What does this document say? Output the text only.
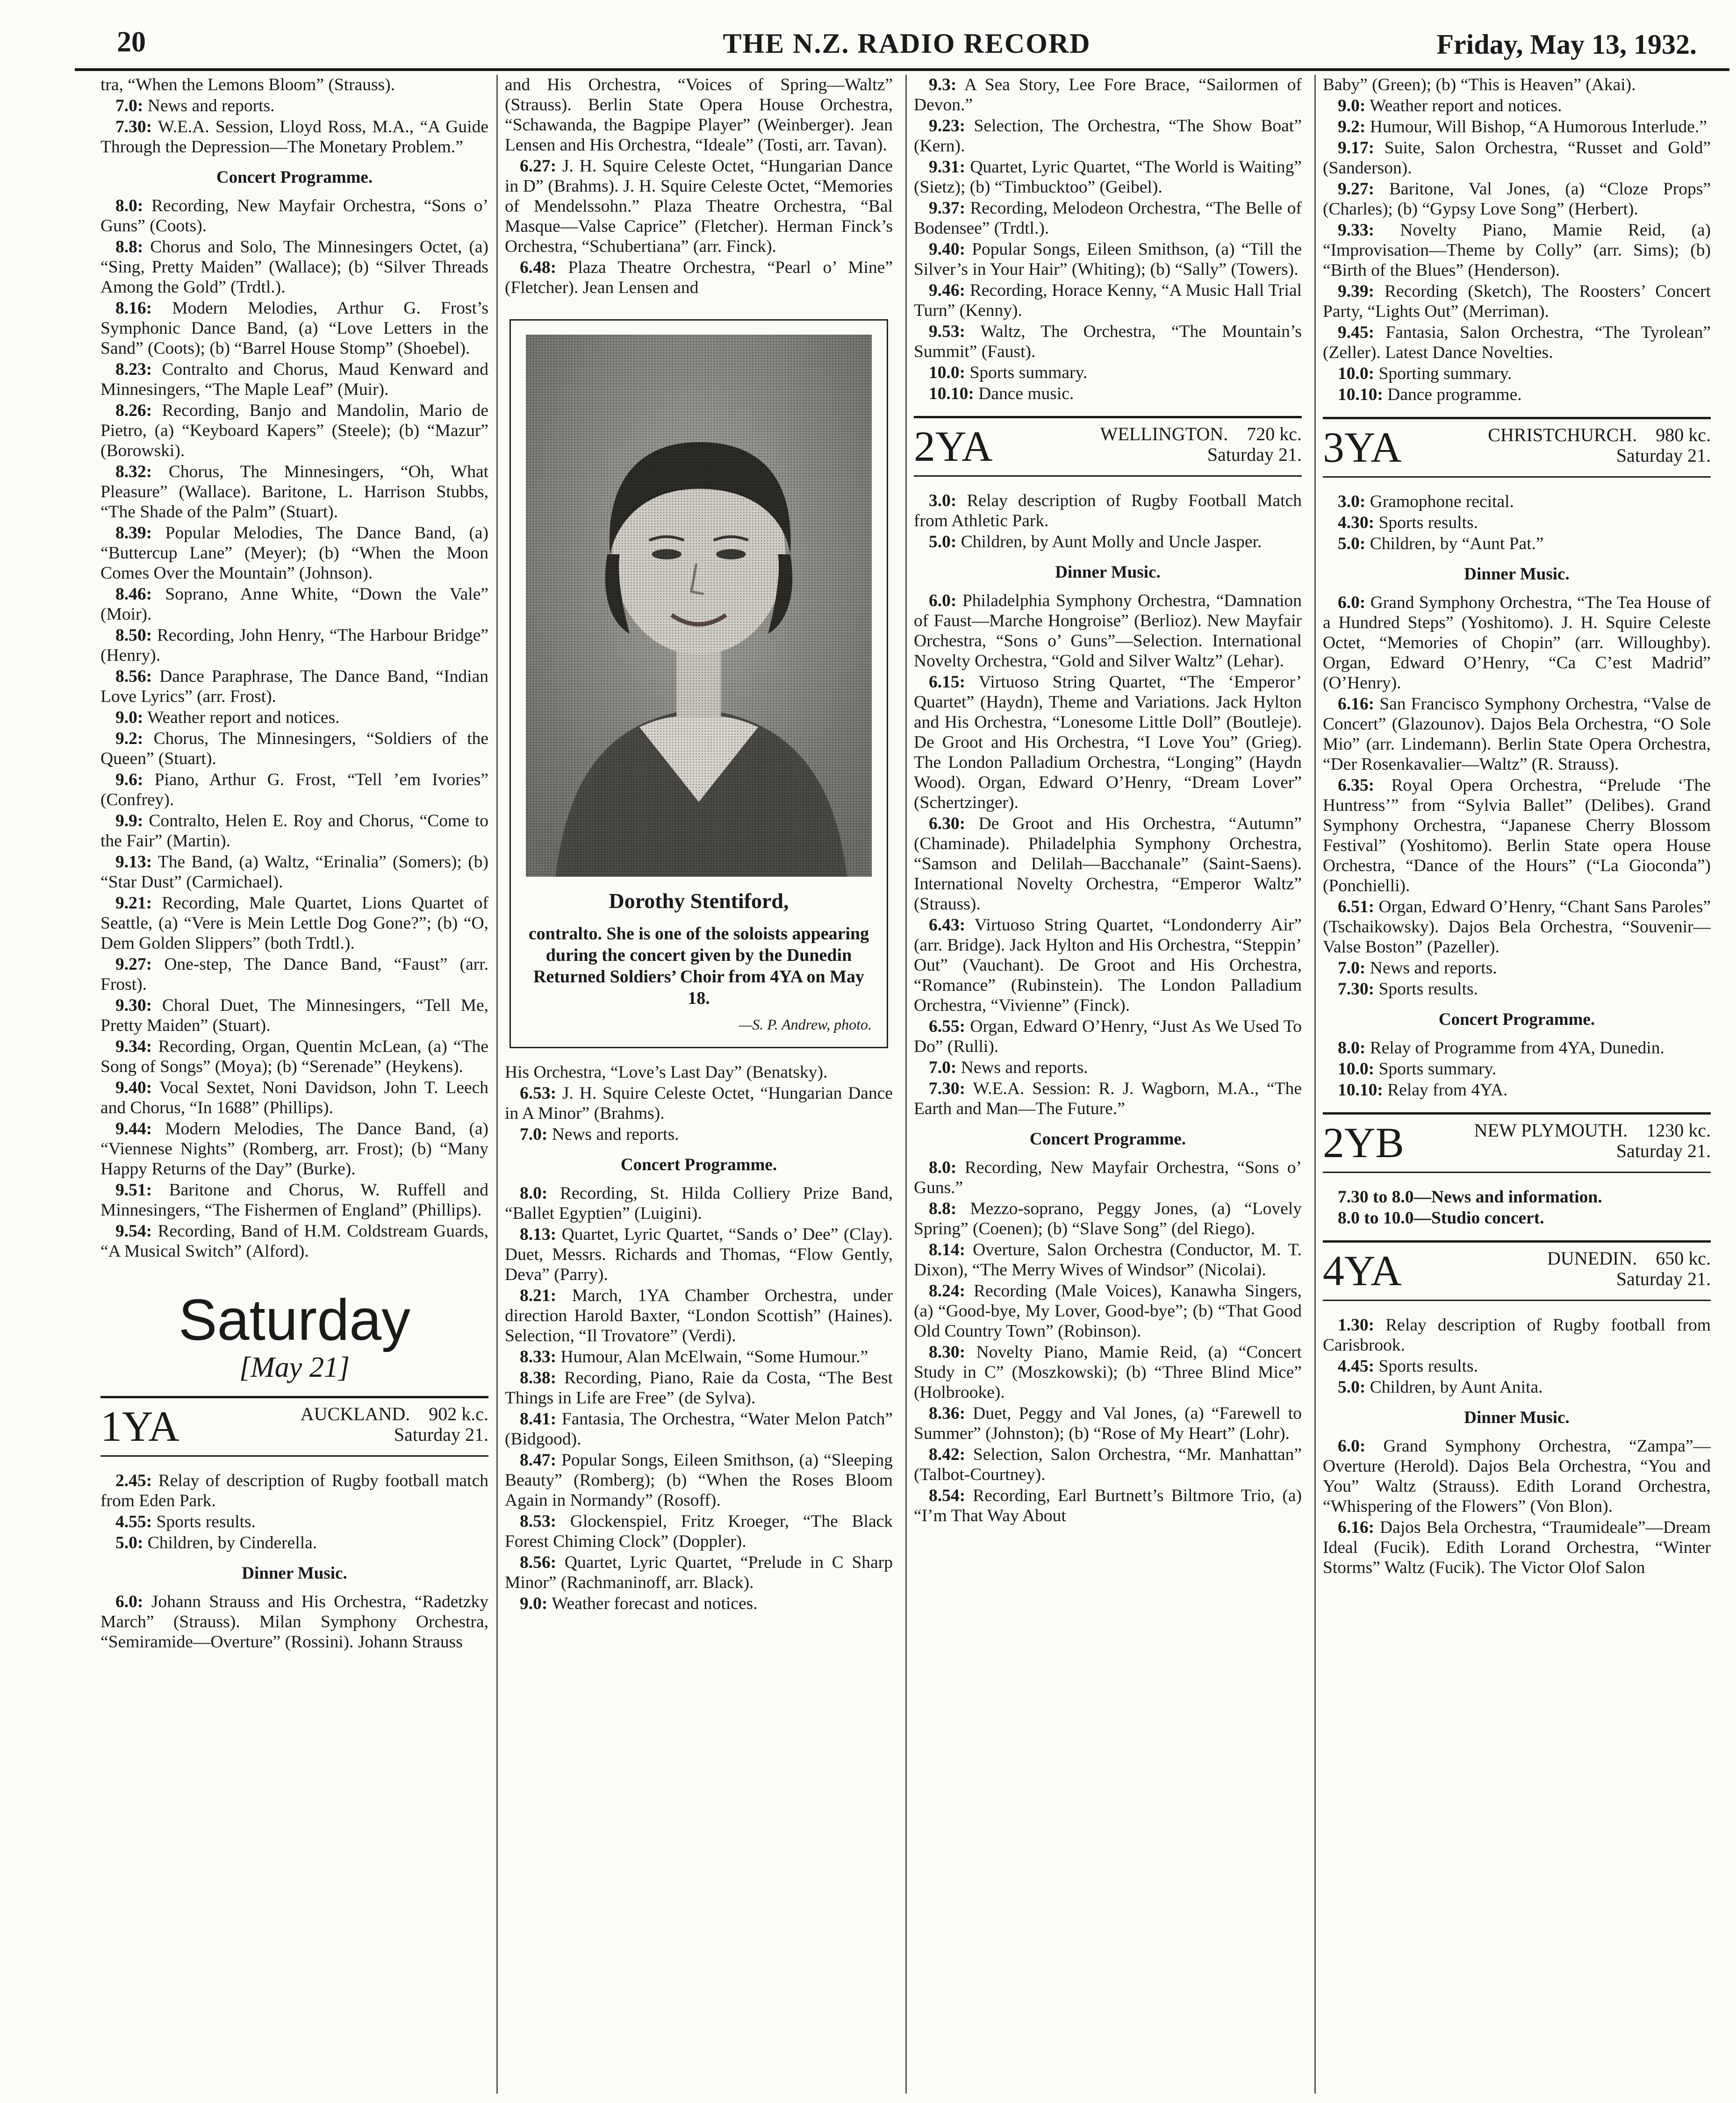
20	THE N.Z. RADIO RECORD	Friday, May 13, 1932.

tra, “When the Lemons Bloom” (Strauss).

7.0: News and reports.

7.30: W.E.A. Session, Lloyd Ross, M.A., “A Guide Through the Depression—The Monetary Problem.”

Concert Programme.

8.0: Recording, New Mayfair Orchestra, “Sons o’ Guns” (Coots).

8.8: Chorus and Solo, The Minnesingers Octet, (a) “Sing, Pretty Maiden” (Wallace); (b) “Silver Threads Among the Gold” (Trdtl.).

8.16: Modern Melodies, Arthur G. Frost’s Symphonic Dance Band, (a) “Love Letters in the Sand” (Coots); (b) “Barrel House Stomp” (Shoebel).

8.23: Contralto and Chorus, Maud Kenward and Minnesingers, “The Maple Leaf” (Muir).

8.26: Recording, Banjo and Mandolin, Mario de Pietro, (a) “Keyboard Kapers” (Steele); (b) “Mazur” (Borowski).

8.32: Chorus, The Minnesingers, “Oh, What Pleasure” (Wallace). Baritone, L. Harrison Stubbs, “The Shade of the Palm” (Stuart).

8.39: Popular Melodies, The Dance Band, (a) “Buttercup Lane” (Meyer); (b) “When the Moon Comes Over the Mountain” (Johnson).

8.46: Soprano, Anne White, “Down the Vale” (Moir).

8.50: Recording, John Henry, “The Harbour Bridge” (Henry).

8.56: Dance Paraphrase, The Dance Band, “Indian Love Lyrics” (arr. Frost).

9.0: Weather report and notices.

9.2: Chorus, The Minnesingers, “Soldiers of the Queen” (Stuart).

9.6: Piano, Arthur G. Frost, “Tell ’em Ivories” (Confrey).

9.9: Contralto, Helen E. Roy and Chorus, “Come to the Fair” (Martin).

9.13: The Band, (a) Waltz, “Erinalia” (Somers); (b) “Star Dust” (Carmichael).

9.21: Recording, Male Quartet, Lions Quartet of Seattle, (a) “Vere is Mein Lettle Dog Gone?”; (b) “O, Dem Golden Slippers” (both Trdtl.).

9.27: One-step, The Dance Band, “Faust” (arr. Frost).

9.30: Choral Duet, The Minnesingers, “Tell Me, Pretty Maiden” (Stuart).

9.34: Recording, Organ, Quentin McLean, (a) “The Song of Songs” (Moya); (b) “Serenade” (Heykens).

9.40: Vocal Sextet, Noni Davidson, John T. Leech and Chorus, “In 1688” (Phillips).

9.44: Modern Melodies, The Dance Band, (a) “Viennese Nights” (Romberg, arr. Frost); (b) “Many Happy Returns of the Day” (Burke).

9.51: Baritone and Chorus, W. Ruffell and Minnesingers, “The Fishermen of England” (Phillips).

9.54: Recording, Band of H.M. Coldstream Guards, “A Musical Switch” (Alford).

Saturday
[May 21]
1YA	AUCKLAND. 902 k.c.
Saturday 21.

2.45: Relay of description of Rugby football match from Eden Park.

4.55: Sports results.

5.0: Children, by Cinderella.

Dinner Music.

6.0: Johann Strauss and His Orchestra, “Radetzky March” (Strauss). Milan Symphony Orchestra, “Semiramide—Overture” (Rossini). Johann Strauss

and His Orchestra, “Voices of Spring—Waltz” (Strauss). Berlin State Opera House Orchestra, “Schawanda, the Bagpipe Player” (Weinberger). Jean Lensen and His Orchestra, “Ideale” (Tosti, arr. Tavan).

6.27: J. H. Squire Celeste Octet, “Hungarian Dance in D” (Brahms). J. H. Squire Celeste Octet, “Memories of Mendelssohn.” Plaza Theatre Orchestra, “Bal Masque—Valse Caprice” (Fletcher). Herman Finck’s Orchestra, “Schubertiana” (arr. Finck).

6.48: Plaza Theatre Orchestra, “Pearl o’ Mine” (Fletcher). Jean Lensen and

Dorothy Stentiford,
contralto. She is one of the soloists appearing during the concert given by the Dunedin Returned Soldiers’ Choir from 4YA on May 18.
—S. P. Andrew, photo.

His Orchestra, “Love’s Last Day” (Benatsky).

6.53: J. H. Squire Celeste Octet, “Hungarian Dance in A Minor” (Brahms).

7.0: News and reports.

Concert Programme.

8.0: Recording, St. Hilda Colliery Prize Band, “Ballet Egyptien” (Luigini).

8.13: Quartet, Lyric Quartet, “Sands o’ Dee” (Clay). Duet, Messrs. Richards and Thomas, “Flow Gently, Deva” (Parry).

8.21: March, 1YA Chamber Orchestra, under direction Harold Baxter, “London Scottish” (Haines). Selection, “Il Trovatore” (Verdi).

8.33: Humour, Alan McElwain, “Some Humour.”

8.38: Recording, Piano, Raie da Costa, “The Best Things in Life are Free” (de Sylva).

8.41: Fantasia, The Orchestra, “Water Melon Patch” (Bidgood).

8.47: Popular Songs, Eileen Smithson, (a) “Sleeping Beauty” (Romberg); (b) “When the Roses Bloom Again in Normandy” (Rosoff).

8.53: Glockenspiel, Fritz Kroeger, “The Black Forest Chiming Clock” (Doppler).

8.56: Quartet, Lyric Quartet, “Prelude in C Sharp Minor” (Rachmaninoff, arr. Black).

9.0: Weather forecast and notices.

9.3: A Sea Story, Lee Fore Brace, “Sailormen of Devon.”

9.23: Selection, The Orchestra, “The Show Boat” (Kern).

9.31: Quartet, Lyric Quartet, “The World is Waiting” (Sietz); (b) “Timbucktoo” (Geibel).

9.37: Recording, Melodeon Orchestra, “The Belle of Bodensee” (Trdtl.).

9.40: Popular Songs, Eileen Smithson, (a) “Till the Silver’s in Your Hair” (Whiting); (b) “Sally” (Towers).

9.46: Recording, Horace Kenny, “A Music Hall Trial Turn” (Kenny).

9.53: Waltz, The Orchestra, “The Mountain’s Summit” (Faust).

10.0: Sports summary.

10.10: Dance music.

2YA	WELLINGTON. 720 kc.
Saturday 21.

3.0: Relay description of Rugby Football Match from Athletic Park.

5.0: Children, by Aunt Molly and Uncle Jasper.

Dinner Music.

6.0: Philadelphia Symphony Orchestra, “Damnation of Faust—Marche Hongroise” (Berlioz). New Mayfair Orchestra, “Sons o’ Guns”—Selection. International Novelty Orchestra, “Gold and Silver Waltz” (Lehar).

6.15: Virtuoso String Quartet, “The ‘Emperor’ Quartet” (Haydn), Theme and Variations. Jack Hylton and His Orchestra, “Lonesome Little Doll” (Boutleje). De Groot and His Orchestra, “I Love You” (Grieg). The London Palladium Orchestra, “Longing” (Haydn Wood). Organ, Edward O’Henry, “Dream Lover” (Schertzinger).

6.30: De Groot and His Orchestra, “Autumn” (Chaminade). Philadelphia Symphony Orchestra, “Samson and Delilah—Bacchanale” (Saint-Saens). International Novelty Orchestra, “Emperor Waltz” (Strauss).

6.43: Virtuoso String Quartet, “Londonderry Air” (arr. Bridge). Jack Hylton and His Orchestra, “Steppin’ Out” (Vauchant). De Groot and His Orchestra, “Romance” (Rubinstein). The London Palladium Orchestra, “Vivienne” (Finck).

6.55: Organ, Edward O’Henry, “Just As We Used To Do” (Rulli).

7.0: News and reports.

7.30: W.E.A. Session: R. J. Wagborn, M.A., “The Earth and Man—The Future.”

Concert Programme.

8.0: Recording, New Mayfair Orchestra, “Sons o’ Guns.”

8.8: Mezzo-soprano, Peggy Jones, (a) “Lovely Spring” (Coenen); (b) “Slave Song” (del Riego).

8.14: Overture, Salon Orchestra (Conductor, M. T. Dixon), “The Merry Wives of Windsor” (Nicolai).

8.24: Recording (Male Voices), Kanawha Singers, (a) “Good-bye, My Lover, Good-bye”; (b) “That Good Old Country Town” (Robinson).

8.30: Novelty Piano, Mamie Reid, (a) “Concert Study in C” (Moszkowski); (b) “Three Blind Mice” (Holbrooke).

8.36: Duet, Peggy and Val Jones, (a) “Farewell to Summer” (Johnston); (b) “Rose of My Heart” (Lohr).

8.42: Selection, Salon Orchestra, “Mr. Manhattan” (Talbot-Courtney).

8.54: Recording, Earl Burtnett’s Biltmore Trio, (a) “I’m That Way About

Baby” (Green); (b) “This is Heaven” (Akai).

9.0: Weather report and notices.

9.2: Humour, Will Bishop, “A Humorous Interlude.”

9.17: Suite, Salon Orchestra, “Russet and Gold” (Sanderson).

9.27: Baritone, Val Jones, (a) “Cloze Props” (Charles); (b) “Gypsy Love Song” (Herbert).

9.33: Novelty Piano, Mamie Reid, (a) “Improvisation—Theme by Colly” (arr. Sims); (b) “Birth of the Blues” (Henderson).

9.39: Recording (Sketch), The Roosters’ Concert Party, “Lights Out” (Merriman).

9.45: Fantasia, Salon Orchestra, “The Tyrolean” (Zeller). Latest Dance Novelties.

10.0: Sporting summary.

10.10: Dance programme.

3YA	CHRISTCHURCH. 980 kc.
Saturday 21.

3.0: Gramophone recital.

4.30: Sports results.

5.0: Children, by “Aunt Pat.”

Dinner Music.

6.0: Grand Symphony Orchestra, “The Tea House of a Hundred Steps” (Yoshitomo). J. H. Squire Celeste Octet, “Memories of Chopin” (arr. Willoughby). Organ, Edward O’Henry, “Ca C’est Madrid” (O’Henry).

6.16: San Francisco Symphony Orchestra, “Valse de Concert” (Glazounov). Dajos Bela Orchestra, “O Sole Mio” (arr. Lindemann). Berlin State Opera Orchestra, “Der Rosenkavalier—Waltz” (R. Strauss).

6.35: Royal Opera Orchestra, “Prelude ‘The Huntress’” from “Sylvia Ballet” (Delibes). Grand Symphony Orchestra, “Japanese Cherry Blossom Festival” (Yoshitomo). Berlin State opera House Orchestra, “Dance of the Hours” (“La Gioconda”) (Ponchielli).

6.51: Organ, Edward O’Henry, “Chant Sans Paroles” (Tschaikowsky). Dajos Bela Orchestra, “Souvenir—Valse Boston” (Pazeller).

7.0: News and reports.

7.30: Sports results.

Concert Programme.

8.0: Relay of Programme from 4YA, Dunedin.

10.0: Sports summary.

10.10: Relay from 4YA.

2YB	NEW PLYMOUTH. 1230 kc.
Saturday 21.

7.30 to 8.0—News and information.

8.0 to 10.0—Studio concert.

4YA	DUNEDIN. 650 kc.
Saturday 21.

1.30: Relay description of Rugby football from Carisbrook.

4.45: Sports results.

5.0: Children, by Aunt Anita.

Dinner Music.

6.0: Grand Symphony Orchestra, “Zampa”—Overture (Herold). Dajos Bela Orchestra, “You and You” Waltz (Strauss). Edith Lorand Orchestra, “Whispering of the Flowers” (Von Blon).

6.16: Dajos Bela Orchestra, “Traumideale”—Dream Ideal (Fucik). Edith Lorand Orchestra, “Winter Storms” Waltz (Fucik). The Victor Olof Salon
